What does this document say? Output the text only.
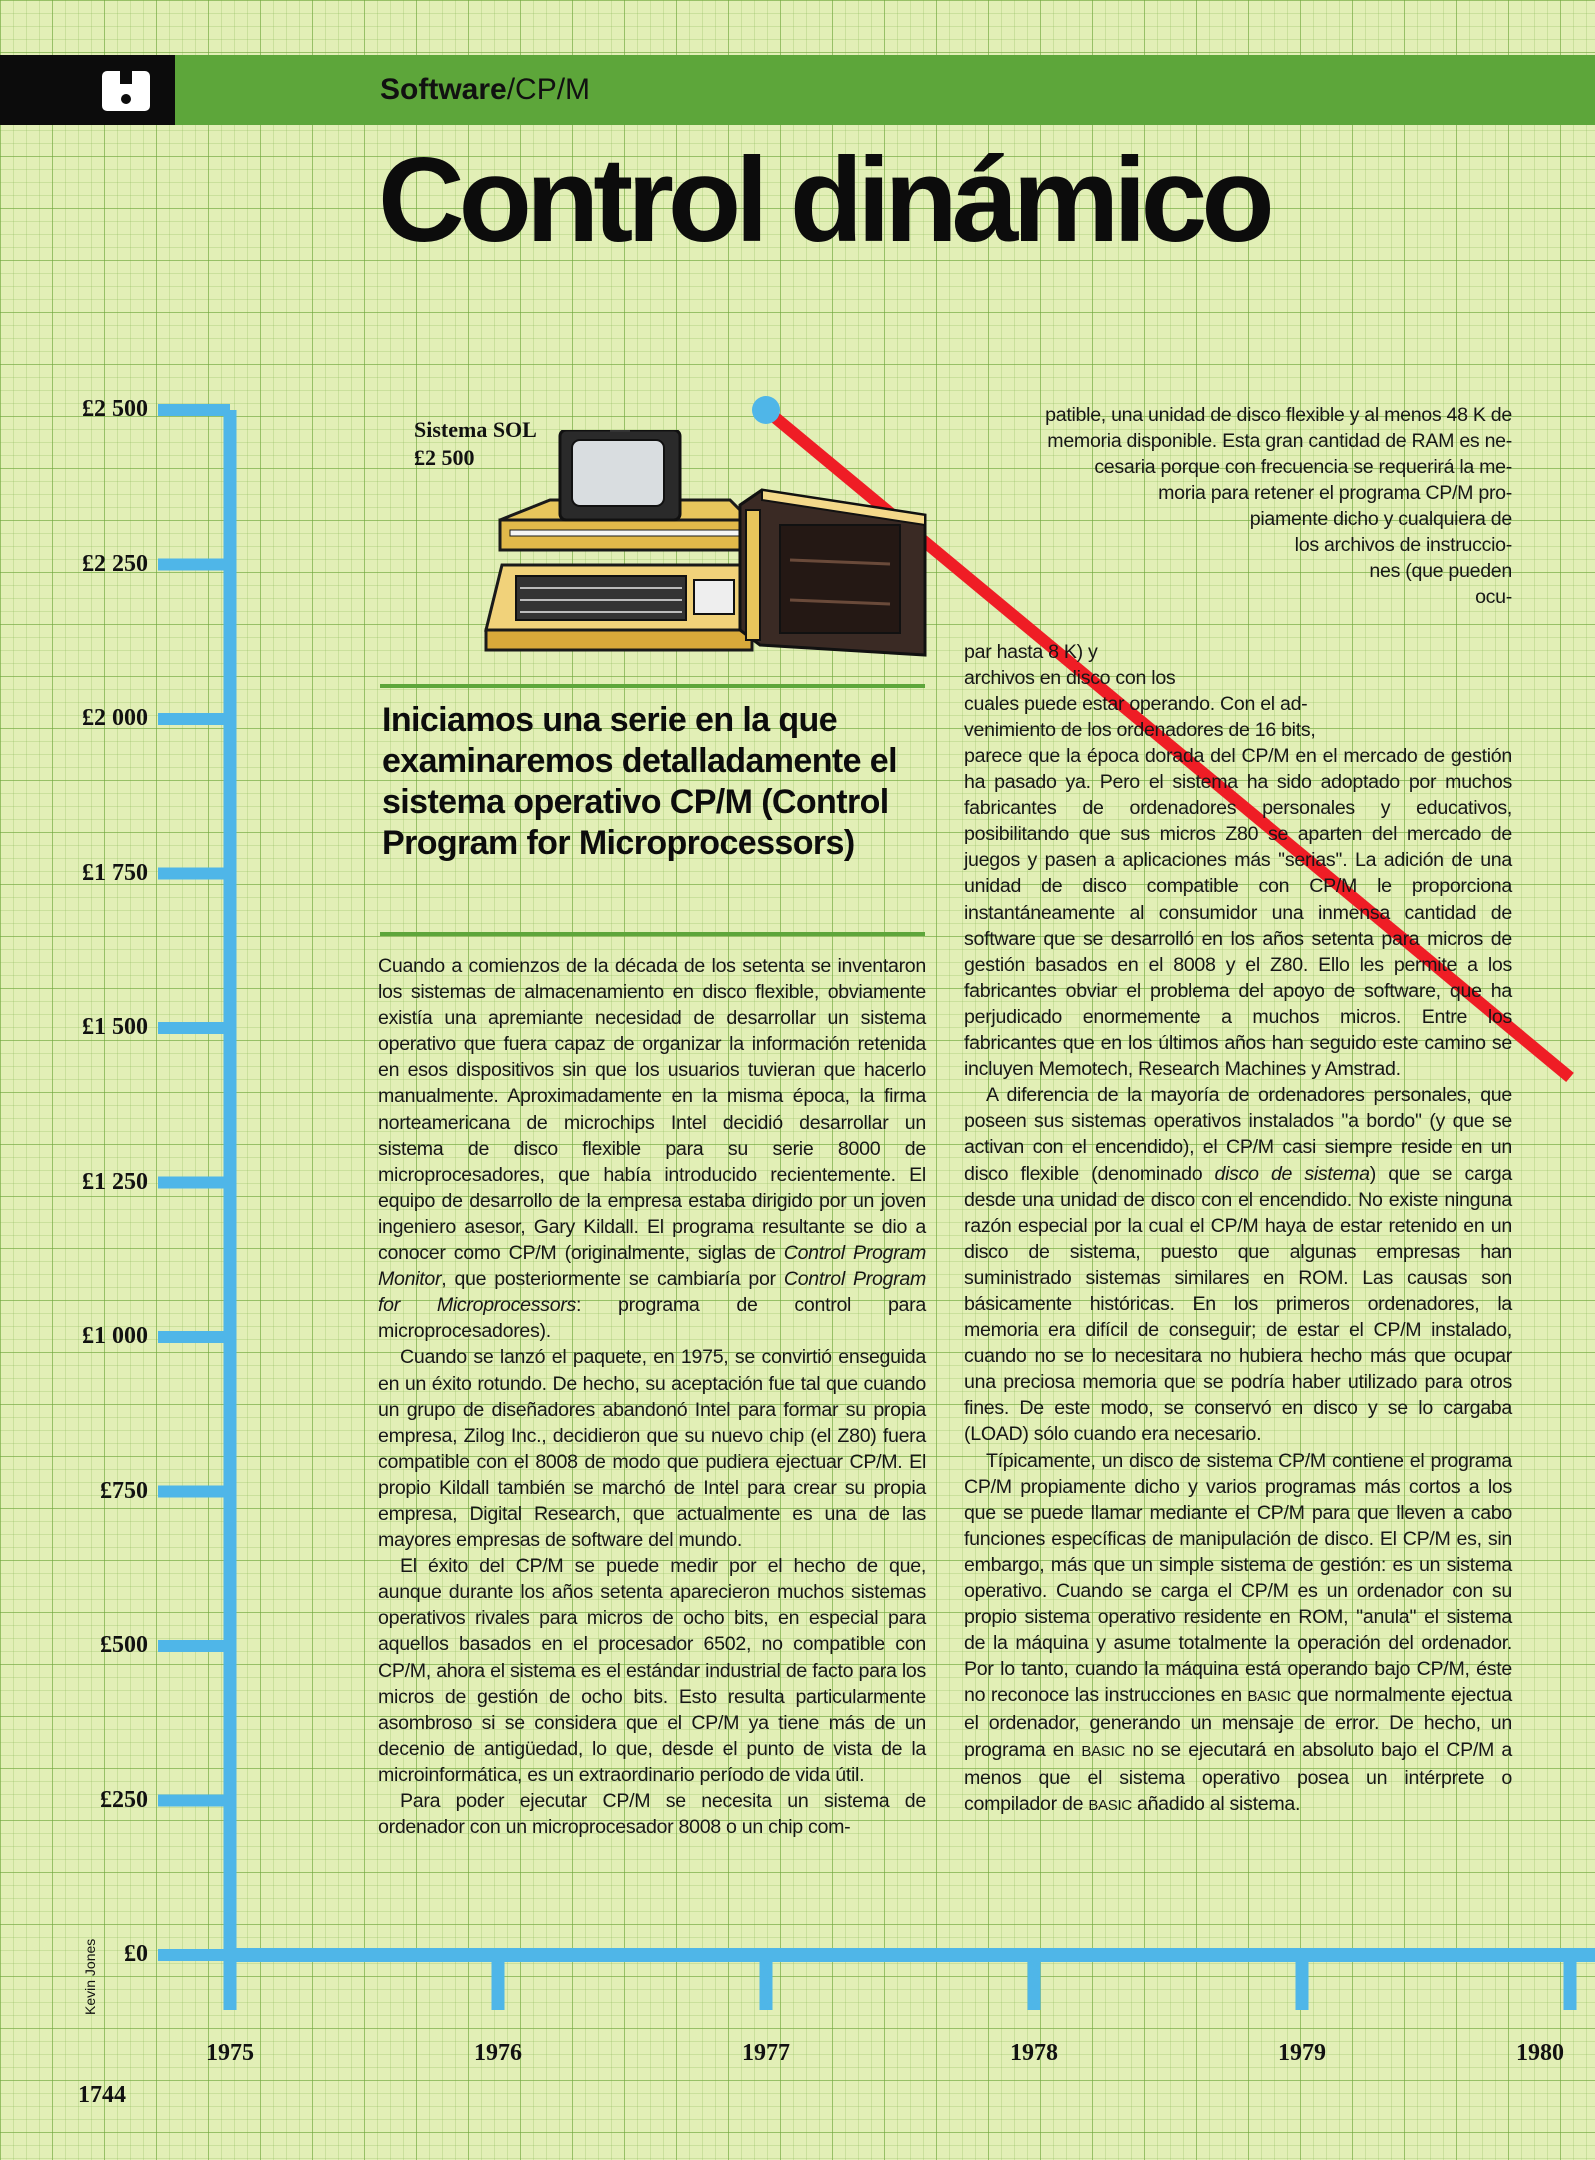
Software/CP/M
Control dinámico
£0
£250
£500
£750
£1 000
£1 250
£1 500
£1 750
£2 000
£2 250
£2 500
1975	1976	1977	1978	1979	1980
Kevin Jones
1744
Sistema SOL
£2 500
Iniciamos una serie en la que examinaremos detalladamente el sistema operativo CP/M (Control Program for Microprocessors)

Cuando a comienzos de la década de los setenta se inventaron los sistemas de almacenamiento en disco flexible, obviamente existía una apremiante necesidad de desarrollar un sistema operativo que fuera capaz de organizar la información retenida en esos dispositivos sin que los usuarios tuvieran que hacerlo manualmente. Aproximadamente en la misma época, la firma norteamericana de microchips Intel decidió desarrollar un sistema de disco flexible para su serie 8000 de microprocesadores, que había introducido recientemente. El equipo de desarrollo de la empresa estaba dirigido por un joven ingeniero asesor, Gary Kildall. El programa resultante se dio a conocer como CP/M (originalmente, siglas de Control Program Monitor, que posteriormente se cambiaría por Control Program for Microprocessors: programa de control para microprocesadores).

Cuando se lanzó el paquete, en 1975, se convirtió enseguida en un éxito rotundo. De hecho, su aceptación fue tal que cuando un grupo de diseñadores abandonó Intel para formar su propia empresa, Zilog Inc., decidieron que su nuevo chip (el Z80) fuera compatible con el 8008 de modo que pudiera ejectuar CP/M. El propio Kildall también se marchó de Intel para crear su propia empresa, Digital Research, que actualmente es una de las mayores empresas de software del mundo.

El éxito del CP/M se puede medir por el hecho de que, aunque durante los años setenta aparecieron muchos sistemas operativos rivales para micros de ocho bits, en especial para aquellos basados en el procesador 6502, no compatible con CP/M, ahora el sistema es el estándar industrial de facto para los micros de gestión de ocho bits. Esto resulta particularmente asombroso si se considera que el CP/M ya tiene más de un decenio de antigüedad, lo que, desde el punto de vista de la microinformática, es un extraordinario período de vida útil.

Para poder ejecutar CP/M se necesita un sistema de ordenador con un microprocesador 8008 o un chip com-

patible, una unidad de disco flexible y al menos 48 K de
memoria disponible. Esta gran cantidad de RAM es ne-
cesaria porque con frecuencia se requerirá la me-
moria para retener el programa CP/M pro-
piamente dicho y cualquiera de
los archivos de instruccio-
nes (que pueden
ocu-
par hasta 8 K) y
archivos en disco con los
cuales puede estar operando. Con el ad-
venimiento de los ordenadores de 16 bits,

parece que la época dorada del CP/M en el mercado de gestión ha pasado ya. Pero el sistema ha sido adoptado por muchos fabricantes de ordenadores personales y educativos, posibilitando que sus micros Z80 se aparten del mercado de juegos y pasen a aplicaciones más ''serias''. La adición de una unidad de disco compatible con CP/M le proporciona instantáneamente al consumidor una inmensa cantidad de software que se desarrolló en los años setenta para micros de gestión basados en el 8008 y el Z80. Ello les permite a los fabricantes obviar el problema del apoyo de software, que ha perjudicado enormemente a muchos micros. Entre los fabricantes que en los últimos años han seguido este camino se incluyen Memotech, Research Machines y Amstrad.

A diferencia de la mayoría de ordenadores personales, que poseen sus sistemas operativos instalados ''a bordo'' (y que se activan con el encendido), el CP/M casi siempre reside en un disco flexible (denominado disco de sistema) que se carga desde una unidad de disco con el encendido. No existe ninguna razón especial por la cual el CP/M haya de estar retenido en un disco de sistema, puesto que algunas empresas han suministrado sistemas similares en ROM. Las causas son básicamente históricas. En los primeros ordenadores, la memoria era difícil de conseguir; de estar el CP/M instalado, cuando no se lo necesitara no hubiera hecho más que ocupar una preciosa memoria que se podría haber utilizado para otros fines. De este modo, se conservó en disco y se lo cargaba (LOAD) sólo cuando era necesario.

Típicamente, un disco de sistema CP/M contiene el programa CP/M propiamente dicho y varios programas más cortos a los que se puede llamar mediante el CP/M para que lleven a cabo funciones específicas de manipulación de disco. El CP/M es, sin embargo, más que un simple sistema de gestión: es un sistema operativo. Cuando se carga el CP/M es un ordenador con su propio sistema operativo residente en ROM, ''anula'' el sistema de la máquina y asume totalmente la operación del ordenador. Por lo tanto, cuando la máquina está operando bajo CP/M, éste no reconoce las instrucciones en BASIC que normalmente ejectua el ordenador, generando un mensaje de error. De hecho, un programa en BASIC no se ejecutará en absoluto bajo el CP/M a menos que el sistema operativo posea un intérprete o compilador de BASIC añadido al sistema.
